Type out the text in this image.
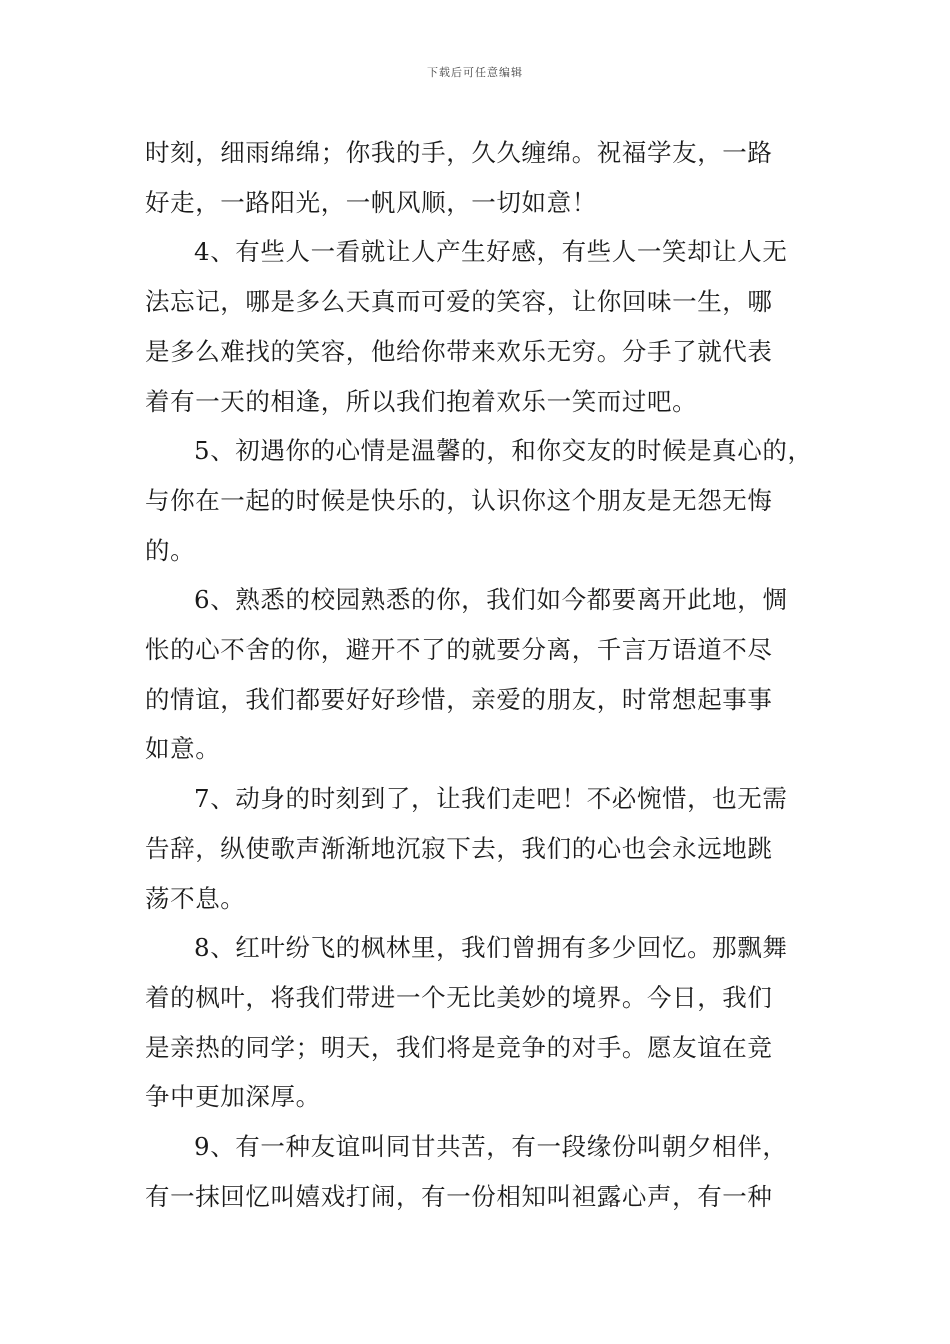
下载后可任意编辑

时刻，细雨绵绵；你我的手，久久缠绵。祝福学友，一路
好走，一路阳光，一帆风顺，一切如意！

4、有些人一看就让人产生好感，有些人一笑却让人无
法忘记，哪是多么天真而可爱的笑容，让你回味一生，哪
是多么难找的笑容，他给你带来欢乐无穷。分手了就代表
着有一天的相逢，所以我们抱着欢乐一笑而过吧。

5、初遇你的心情是温馨的，和你交友的时候是真心的，
与你在一起的时候是快乐的，认识你这个朋友是无怨无悔
的。

6、熟悉的校园熟悉的你，我们如今都要离开此地，惆
怅的心不舍的你，避开不了的就要分离，千言万语道不尽
的情谊，我们都要好好珍惜，亲爱的朋友，时常想起事事
如意。

7、动身的时刻到了，让我们走吧！不必惋惜，也无需
告辞，纵使歌声渐渐地沉寂下去，我们的心也会永远地跳
荡不息。

8、红叶纷飞的枫林里，我们曾拥有多少回忆。那飘舞
着的枫叶，将我们带进一个无比美妙的境界。今日，我们
是亲热的同学；明天，我们将是竞争的对手。愿友谊在竞
争中更加深厚。

9、有一种友谊叫同甘共苦，有一段缘份叫朝夕相伴，
有一抹回忆叫嬉戏打闹，有一份相知叫袒露心声，有一种
